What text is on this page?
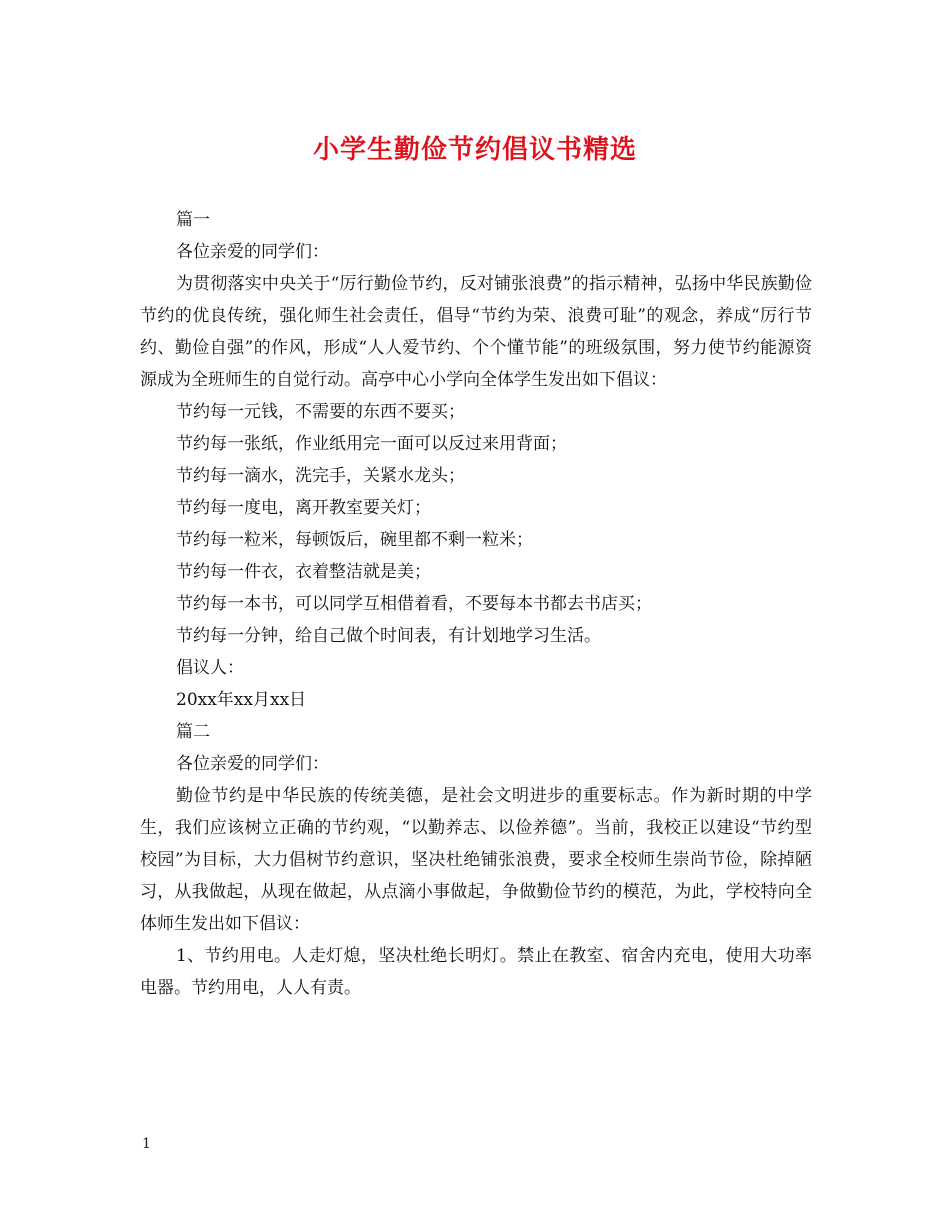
小学生勤俭节约倡议书精选

篇一

各位亲爱的同学们：

为贯彻落实中央关于“厉行勤俭节约，反对铺张浪费”的指示精神，弘扬中华民族勤俭节约的优良传统，强化师生社会责任，倡导“节约为荣、浪费可耻”的观念，养成“厉行节约、勤俭自强”的作风，形成“人人爱节约、个个懂节能”的班级氛围，努力使节约能源资源成为全班师生的自觉行动。高亭中心小学向全体学生发出如下倡议：

节约每一元钱，不需要的东西不要买；

节约每一张纸，作业纸用完一面可以反过来用背面；

节约每一滴水，洗完手，关紧水龙头；

节约每一度电，离开教室要关灯；

节约每一粒米，每顿饭后，碗里都不剩一粒米；

节约每一件衣，衣着整洁就是美；

节约每一本书，可以同学互相借着看，不要每本书都去书店买；

节约每一分钟，给自己做个时间表，有计划地学习生活。

倡议人：

20xx年xx月xx日

篇二

各位亲爱的同学们：

勤俭节约是中华民族的传统美德，是社会文明进步的重要标志。作为新时期的中学生，我们应该树立正确的节约观，“以勤养志、以俭养德”。当前，我校正以建设“节约型校园”为目标，大力倡树节约意识，坚决杜绝铺张浪费，要求全校师生崇尚节俭，除掉陋习，从我做起，从现在做起，从点滴小事做起，争做勤俭节约的模范，为此，学校特向全体师生发出如下倡议：

1、节约用电。人走灯熄，坚决杜绝长明灯。禁止在教室、宿舍内充电，使用大功率电器。节约用电，人人有责。

1
